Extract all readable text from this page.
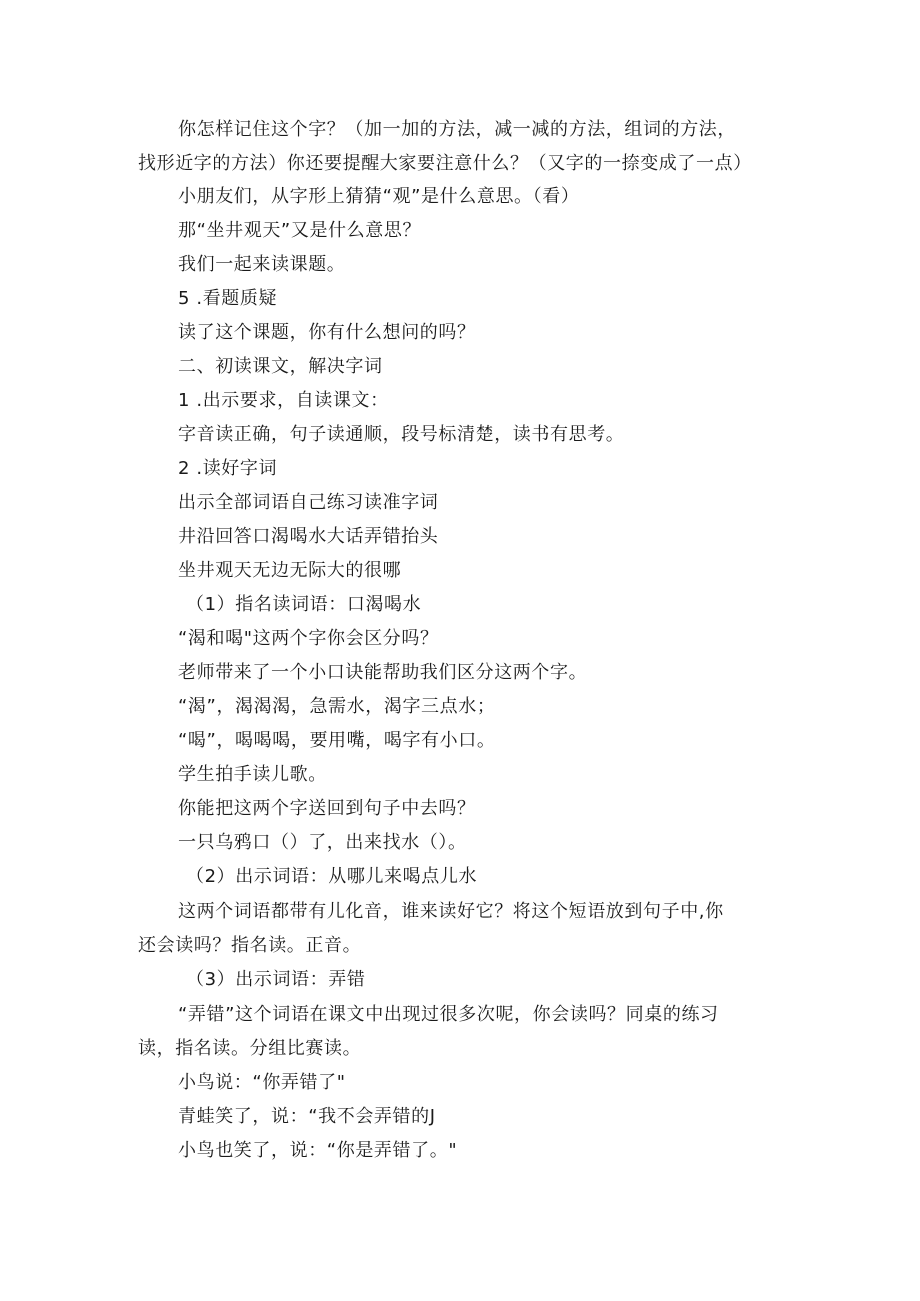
你怎样记住这个字？（加一加的方法，减一减的方法，组词的方法，
找形近字的方法）你还要提醒大家要注意什么？（又字的一捺变成了一点）
小朋友们，从字形上猜猜“观”是什么意思。（看）
那“坐井观天”又是什么意思？
我们一起来读课题。
5 .看题质疑
读了这个课题，你有什么想问的吗？
二、初读课文，解决字词
1 .出示要求，自读课文：
字音读正确，句子读通顺，段号标清楚，读书有思考。
2 .读好字词
出示全部词语自己练习读准字词
井沿回答口渴喝水大话弄错抬头
坐井观天无边无际大的很哪
（1）指名读词语：口渴喝水
“渴和喝"这两个字你会区分吗？
老师带来了一个小口诀能帮助我们区分这两个字。
“渴”，渴渴渴，急需水，渴字三点水；
“喝”，喝喝喝，要用嘴，喝字有小口。
学生拍手读儿歌。
你能把这两个字送回到句子中去吗？
一只乌鸦口（）了，出来找水（）。
（2）出示词语：从哪儿来喝点儿水
这两个词语都带有儿化音，谁来读好它？将这个短语放到句子中,你
还会读吗？指名读。正音。
（3）出示词语：弄错
“弄错”这个词语在课文中出现过很多次呢，你会读吗？同桌的练习
读，指名读。分组比赛读。
小鸟说：“你弄错了"
青蛙笑了，说：“我不会弄错的J
小鸟也笑了，说：“你是弄错了。"
